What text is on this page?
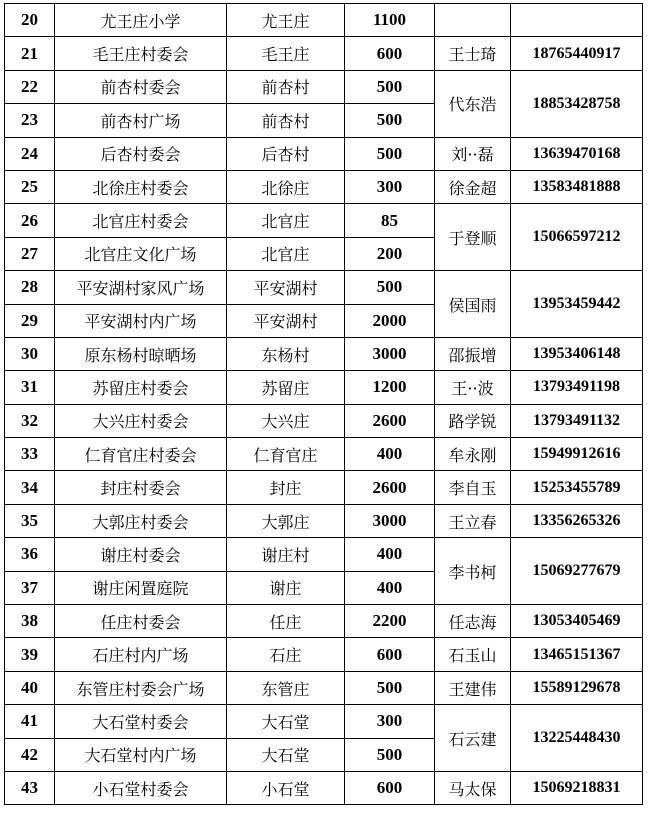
20	尤王庄小学	尤王庄	1100		
21	毛王庄村委会	毛王庄	600	王士琦	18765440917
22	前杏村委会	前杏村	500	代东浩	18853428758
23	前杏村广场	前杏村	500		
24	后杏村委会	后杏村	500	刘··磊	13639470168
25	北徐庄村委会	北徐庄	300	徐金超	13583481888
26	北官庄村委会	北官庄	85	于登顺	15066597212
27	北官庄文化广场	北官庄	200		
28	平安湖村家风广场	平安湖村	500	侯国雨	13953459442
29	平安湖村内广场	平安湖村	2000		
30	原东杨村晾晒场	东杨村	3000	邵振增	13953406148
31	苏留庄村委会	苏留庄	1200	王··波	13793491198
32	大兴庄村委会	大兴庄	2600	路学锐	13793491132
33	仁育官庄村委会	仁育官庄	400	牟永刚	15949912616
34	封庄村委会	封庄	2600	李自玉	15253455789
35	大郭庄村委会	大郭庄	3000	王立春	13356265326
36	谢庄村委会	谢庄村	400	李书柯	15069277679
37	谢庄闲置庭院	谢庄	400		
38	任庄村委会	任庄	2200	任志海	13053405469
39	石庄村内广场	石庄	600	石玉山	13465151367
40	东管庄村委会广场	东管庄	500	王建伟	15589129678
41	大石堂村委会	大石堂	300	石云建	13225448430
42	大石堂村内广场	大石堂	500		
43	小石堂村委会	小石堂	600	马太保	15069218831
